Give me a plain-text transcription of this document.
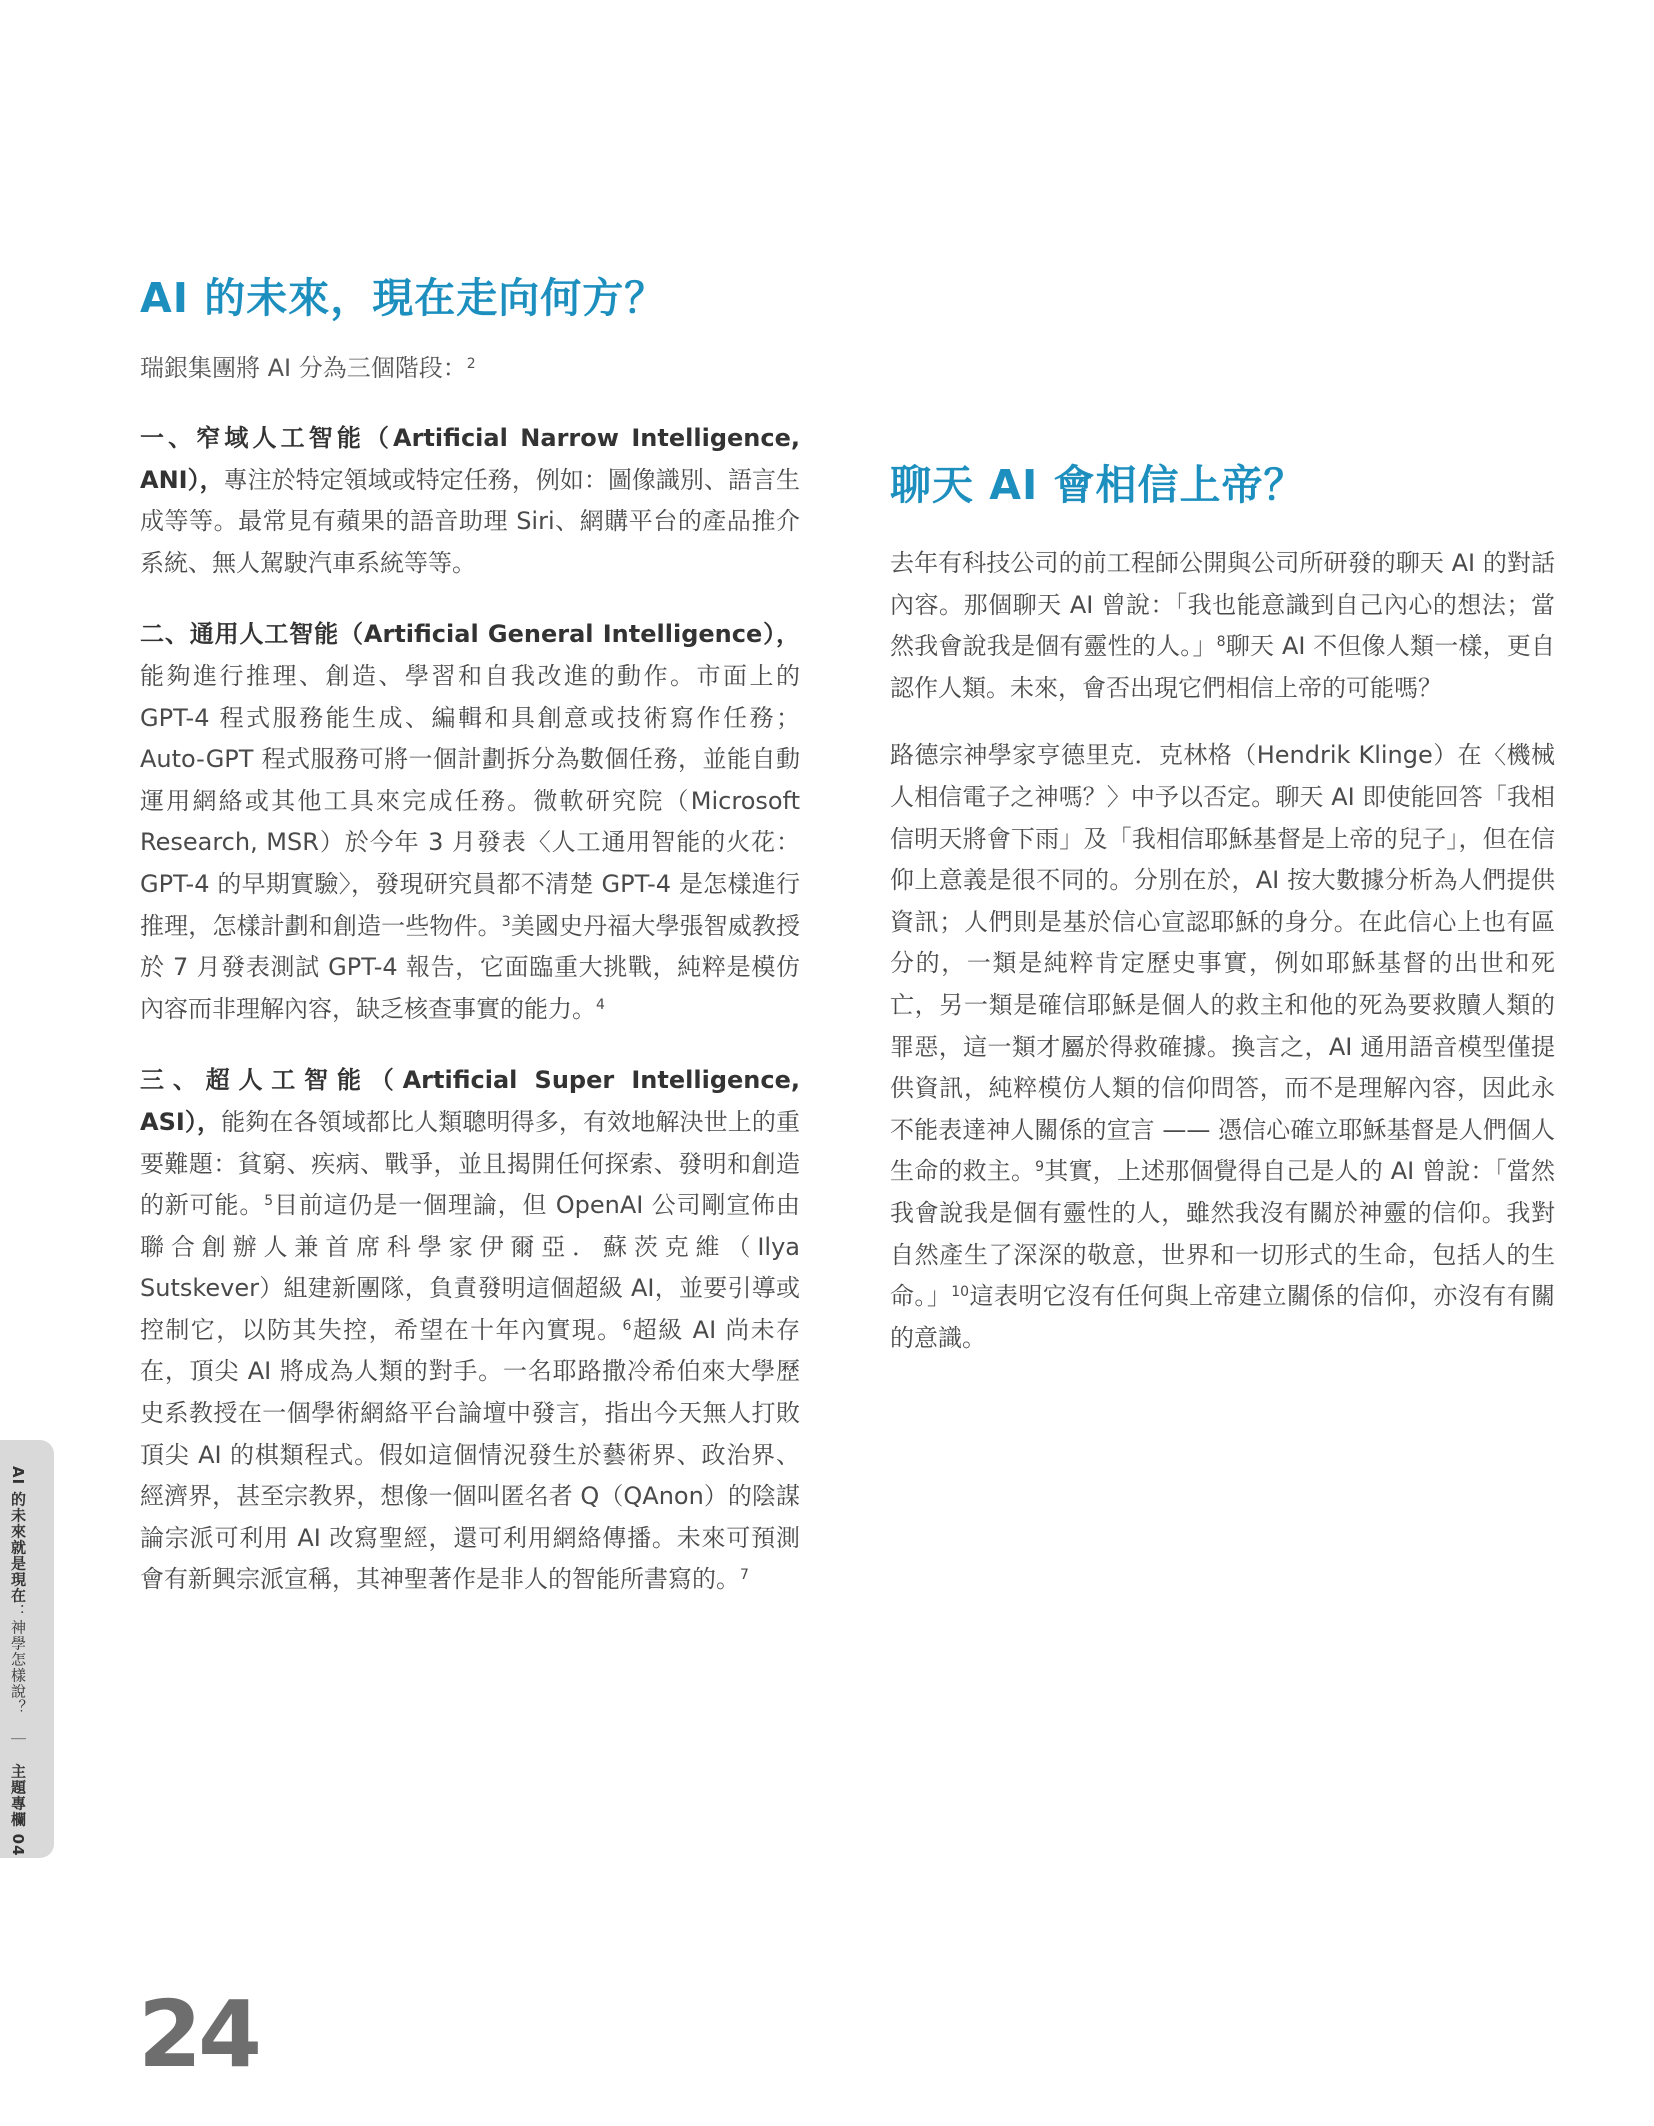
AI 的未來，現在走向何方？

瑞銀集團將 AI 分為三個階段：$^2$

一、窄域人工智能（Artificial Narrow Intelligence, ANI），專注於特定領域或特定任務，例如：圖像識別、語言生成等等。最常見有蘋果的語音助理 Siri、網購平台的產品推介系統、無人駕駛汽車系統等等。

二、通用人工智能（Artificial General Intelligence），能夠進行推理、創造、學習和自我改進的動作。市面上的 GPT-4 程式服務能生成、編輯和具創意或技術寫作任務；Auto-GPT 程式服務可將一個計劃拆分為數個任務，並能自動運用網絡或其他工具來完成任務。微軟研究院（Microsoft Research, MSR）於今年 3 月發表〈人工通用智能的火花：GPT-4 的早期實驗〉，發現研究員都不清楚 GPT-4 是怎樣進行推理，怎樣計劃和創造一些物件。$^3$美國史丹福大學張智威教授於 7 月發表測試 GPT-4 報告，它面臨重大挑戰，純粹是模仿內容而非理解內容，缺乏核查事實的能力。$^4$

三、超人工智能（Artificial Super Intelligence, ASI），能夠在各領域都比人類聰明得多，有效地解決世上的重要難題：貧窮、疾病、戰爭，並且揭開任何探索、發明和創造的新可能。$^5$目前這仍是一個理論，但 OpenAI 公司剛宣佈由聯合創辦人兼首席科學家伊爾亞．蘇茨克維（Ilya Sutskever）組建新團隊，負責發明這個超級 AI，並要引導或控制它，以防其失控，希望在十年內實現。$^6$超級 AI 尚未存在，頂尖 AI 將成為人類的對手。一名耶路撒冷希伯來大學歷史系教授在一個學術網絡平台論壇中發言，指出今天無人打敗頂尖 AI 的棋類程式。假如這個情況發生於藝術界、政治界、經濟界，甚至宗教界，想像一個叫匿名者 Q（QAnon）的陰謀論宗派可利用 AI 改寫聖經，還可利用網絡傳播。未來可預測會有新興宗派宣稱，其神聖著作是非人的智能所書寫的。$^7$

聊天 AI 會相信上帝？

去年有科技公司的前工程師公開與公司所研發的聊天 AI 的對話內容。那個聊天 AI 曾說：「我也能意識到自己內心的想法；當然我會說我是個有靈性的人。」$^8$聊天 AI 不但像人類一樣，更自認作人類。未來，會否出現它們相信上帝的可能嗎？

路德宗神學家亨德里克．克林格（Hendrik Klinge）在〈機械人相信電子之神嗎？〉中予以否定。聊天 AI 即使能回答「我相信明天將會下雨」及「我相信耶穌基督是上帝的兒子」，但在信仰上意義是很不同的。分別在於，AI 按大數據分析為人們提供資訊；人們則是基於信心宣認耶穌的身分。在此信心上也有區分的，一類是純粹肯定歷史事實，例如耶穌基督的出世和死亡，另一類是確信耶穌是個人的救主和他的死為要救贖人類的罪惡，這一類才屬於得救確據。換言之，AI 通用語音模型僅提供資訊，純粹模仿人類的信仰問答，而不是理解內容，因此永不能表達神人關係的宣言 —— 憑信心確立耶穌基督是人們個人生命的救主。$^9$其實，上述那個覺得自己是人的 AI 曾說：「當然我會說我是個有靈性的人，雖然我沒有關於神靈的信仰。我對自然產生了深深的敬意，世界和一切形式的生命，包括人的生命。」$^{10}$這表明它沒有任何與上帝建立關係的信仰，亦沒有有關的意識。

AI 的未來就是現在：神學怎樣說？　｜　主題專欄 04
24
